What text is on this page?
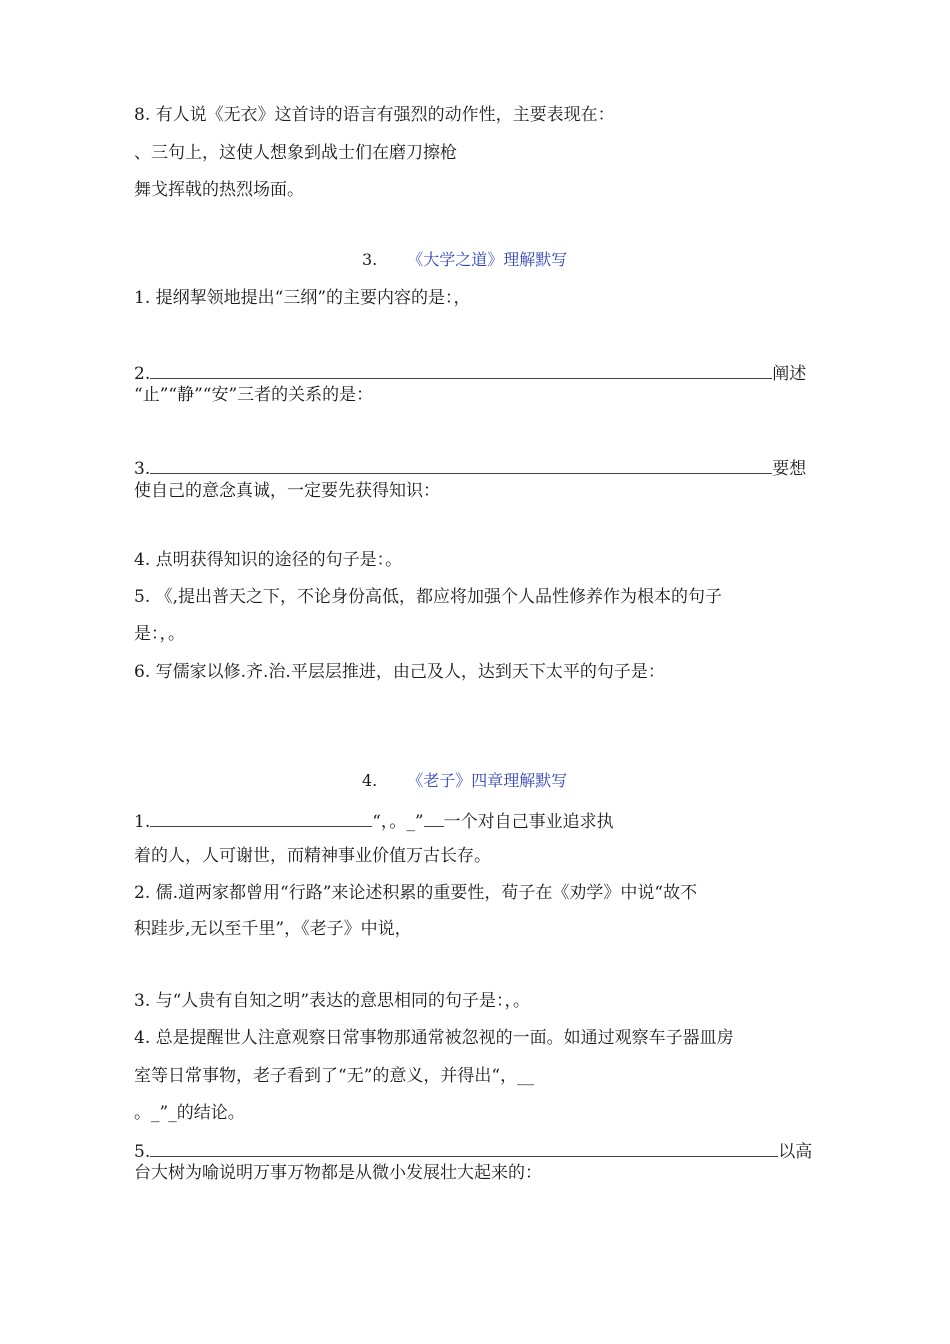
8. 有人说《无衣》这首诗的语言有强烈的动作性，主要表现在：
、三句上，这使人想象到战士们在磨刀擦枪
舞戈挥戟的热烈场面。
3. 《大学之道》理解默写
1. 提纲挈领地提出“三纲”的主要内容的是：，
2.	阐述
“止”“静”“安”三者的关系的是：
3.	要想
使自己的意念真诚，一定要先获得知识：
4. 点明获得知识的途径的句子是：。
5. 《,提出普天之下，不论身份高低，都应将加强个人品性修养作为根本的句子
是：，。
6. 写儒家以修.齐.治.平层层推进，由己及人，达到天下太平的句子是：
4. 《老子》四章理解默写
1.	“，。_” 一个对自己事业追求执
着的人，人可谢世，而精神事业价值万古长存。
2. 儒.道两家都曾用“行路”来论述积累的重要性，荀子在《劝学》中说“故不
积跬步,无以至千里”，《老子》中说，
3. 与“人贵有自知之明”表达的意思相同的句子是：，。
4. 总是提醒世人注意观察日常事物那通常被忽视的一面。如通过观察车子器皿房
室等日常事物，老子看到了“无”的意义，并得出“，__
。_”_的结论。
5.	以高
台大树为喻说明万事万物都是从微小发展壮大起来的：
